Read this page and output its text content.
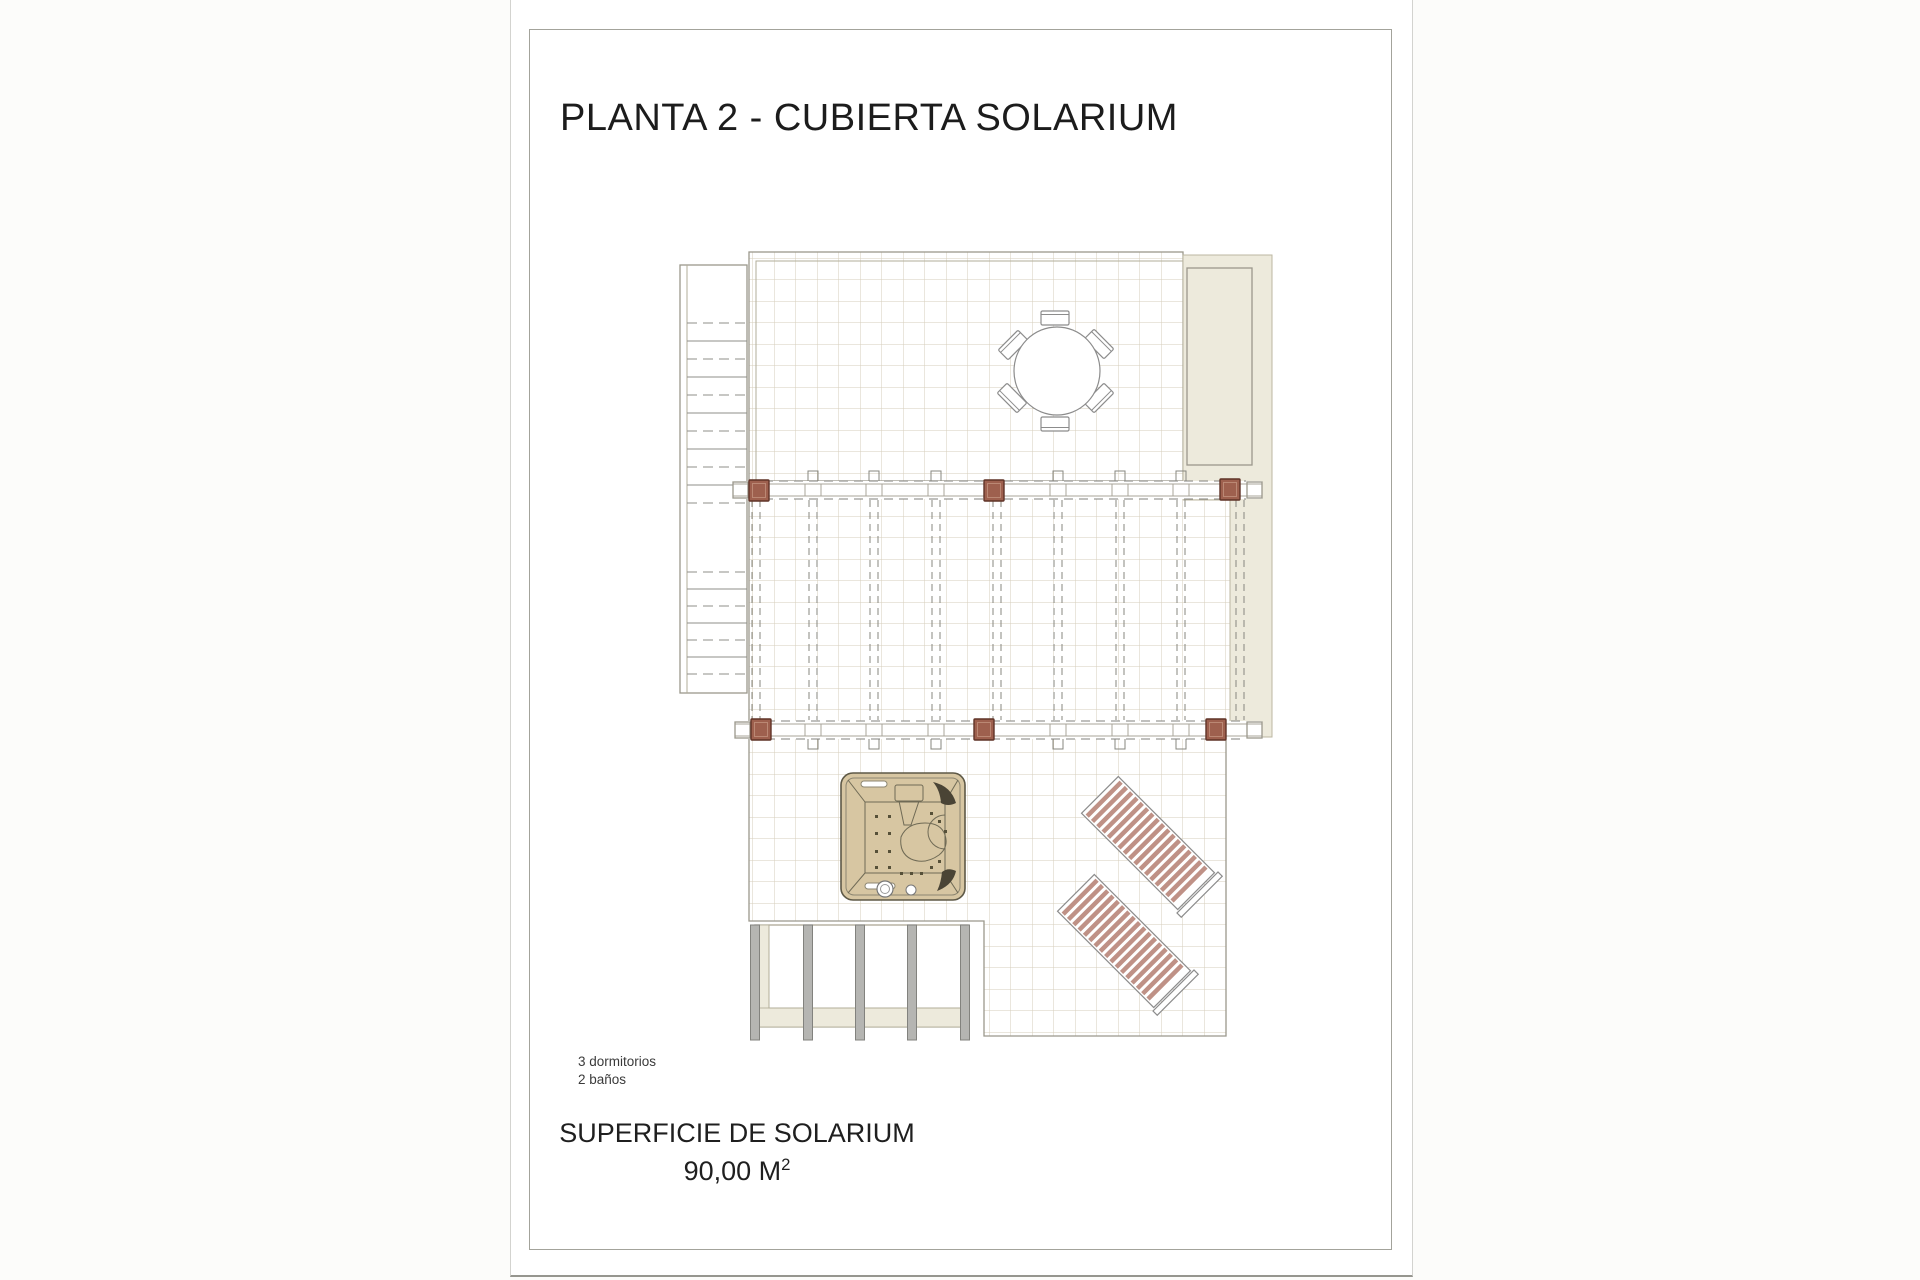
PLANTA 2 - CUBIERTA SOLARIUM
3 dormitorios
2 baños
SUPERFICIE DE SOLARIUM
90,00 $M^2$
